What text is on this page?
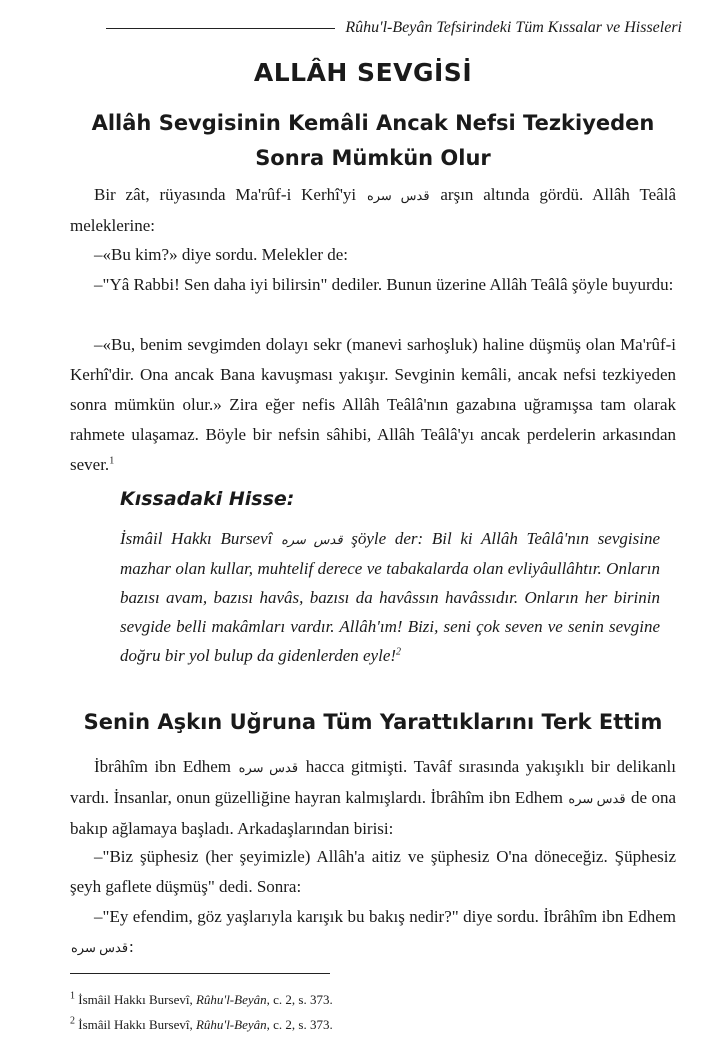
Rûhu'l-Beyân Tefsirindeki Tüm Kıssalar ve Hisseleri
ALLÂH SEVGİSİ
Allâh Sevgisinin Kemâli Ancak Nefsi Tezkiyeden Sonra Mümkün Olur
Bir zât, rüyasında Ma'rûf-i Kerhî'yi قدس سره arşın altında gördü. Allâh Teâlâ meleklerine:
–«Bu kim?» diye sordu. Melekler de:
–"Yâ Rabbi! Sen daha iyi bilirsin" dediler. Bunun üzerine Allâh Teâlâ şöyle buyurdu:
–«Bu, benim sevgimden dolayı sekr (manevi sarhoşluk) haline düşmüş olan Ma'rûf-i Kerhî'dir. Ona ancak Bana kavuşması yakışır. Sevginin kemâli, ancak nefsi tezkiyeden sonra mümkün olur.» Zira eğer nefis Allâh Teâlâ'nın gazabına uğramışsa tam olarak rahmete ulaşamaz. Böyle bir nefsin sâhibi, Allâh Teâlâ'yı ancak perdelerin arkasından sever.$^1$
Kıssadaki Hisse:
İsmâil Hakkı Bursevî قدس سره şöyle der: Bil ki Allâh Teâlâ'nın sevgisine mazhar olan kullar, muhtelif derece ve tabakalarda olan evliyâullâhtır. Onların bazısı avam, bazısı havâs, bazısı da havâssın havâssıdır. Onların her birinin sevgide belli makâmları vardır. Allâh'ım! Bizi, seni çok seven ve senin sevgine doğru bir yol bulup da gidenlerden eyle!$^2$
Senin Aşkın Uğruna Tüm Yarattıklarını Terk Ettim
İbrâhîm ibn Edhem قدس سره hacca gitmişti. Tavâf sırasında yakışıklı bir delikanlı vardı. İnsanlar, onun güzelliğine hayran kalmışlardı. İbrâhîm ibn Edhem قدس سره de ona bakıp ağlamaya başladı. Arkadaşlarından birisi:
–"Biz şüphesiz (her şeyimizle) Allâh'a aitiz ve şüphesiz O'na döneceğiz. Şüphesiz şeyh gaflete düşmüş" dedi. Sonra:
–"Ey efendim, göz yaşlarıyla karışık bu bakış nedir?" diye sordu. İbrâhîm ibn Edhem قدس سره:
$^1$ İsmâil Hakkı Bursevî, Rûhu'l-Beyân, c. 2, s. 373.
$^2$ İsmâil Hakkı Bursevî, Rûhu'l-Beyân, c. 2, s. 373.
